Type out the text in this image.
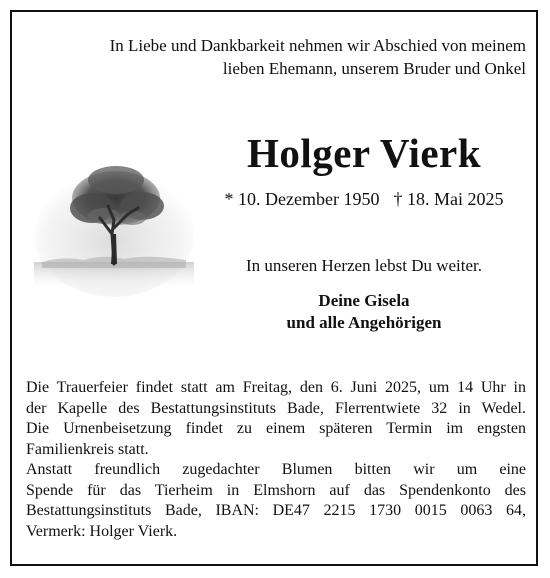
In Liebe und Dankbarkeit nehmen wir Abschied von meinem
lieben Ehemann, unserem Bruder und Onkel
Holger Vierk
* 10. Dezember 1950 † 18. Mai 2025
In unseren Herzen lebst Du weiter.
Deine Gisela
und alle Angehörigen

Die Trauerfeier findet statt am Freitag, den 6. Juni 2025, um 14 Uhr in
der Kapelle des Bestattungsinstituts Bade, Flerrentwiete 32 in Wedel.
Die Urnenbeisetzung findet zu einem späteren Termin im engsten
Familienkreis statt.

Anstatt freundlich zugedachter Blumen bitten wir um eine
Spende für das Tierheim in Elmshorn auf das Spendenkonto des
Bestattungsinstituts Bade, IBAN: DE47 2215 1730 0015 0063 64,
Vermerk: Holger Vierk.
